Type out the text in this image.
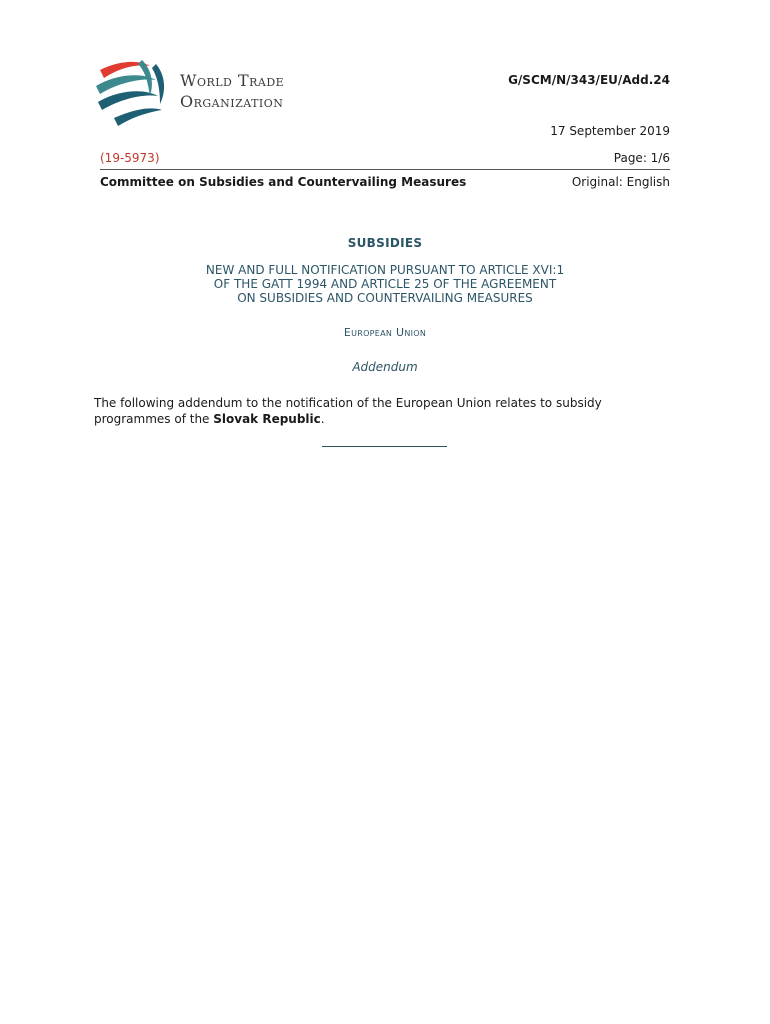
World Trade
Organization
G/SCM/N/343/EU/Add.24
17 September 2019
(19-5973)	Page: 1/6
Committee on Subsidies and Countervailing Measures	Original: English
SUBSIDIES
NEW AND FULL NOTIFICATION PURSUANT TO ARTICLE XVI:1
OF THE GATT 1994 AND ARTICLE 25 OF THE AGREEMENT
ON SUBSIDIES AND COUNTERVAILING MEASURES
European Union
Addendum
The following addendum to the notification of the European Union relates to subsidy programmes of the Slovak Republic.
